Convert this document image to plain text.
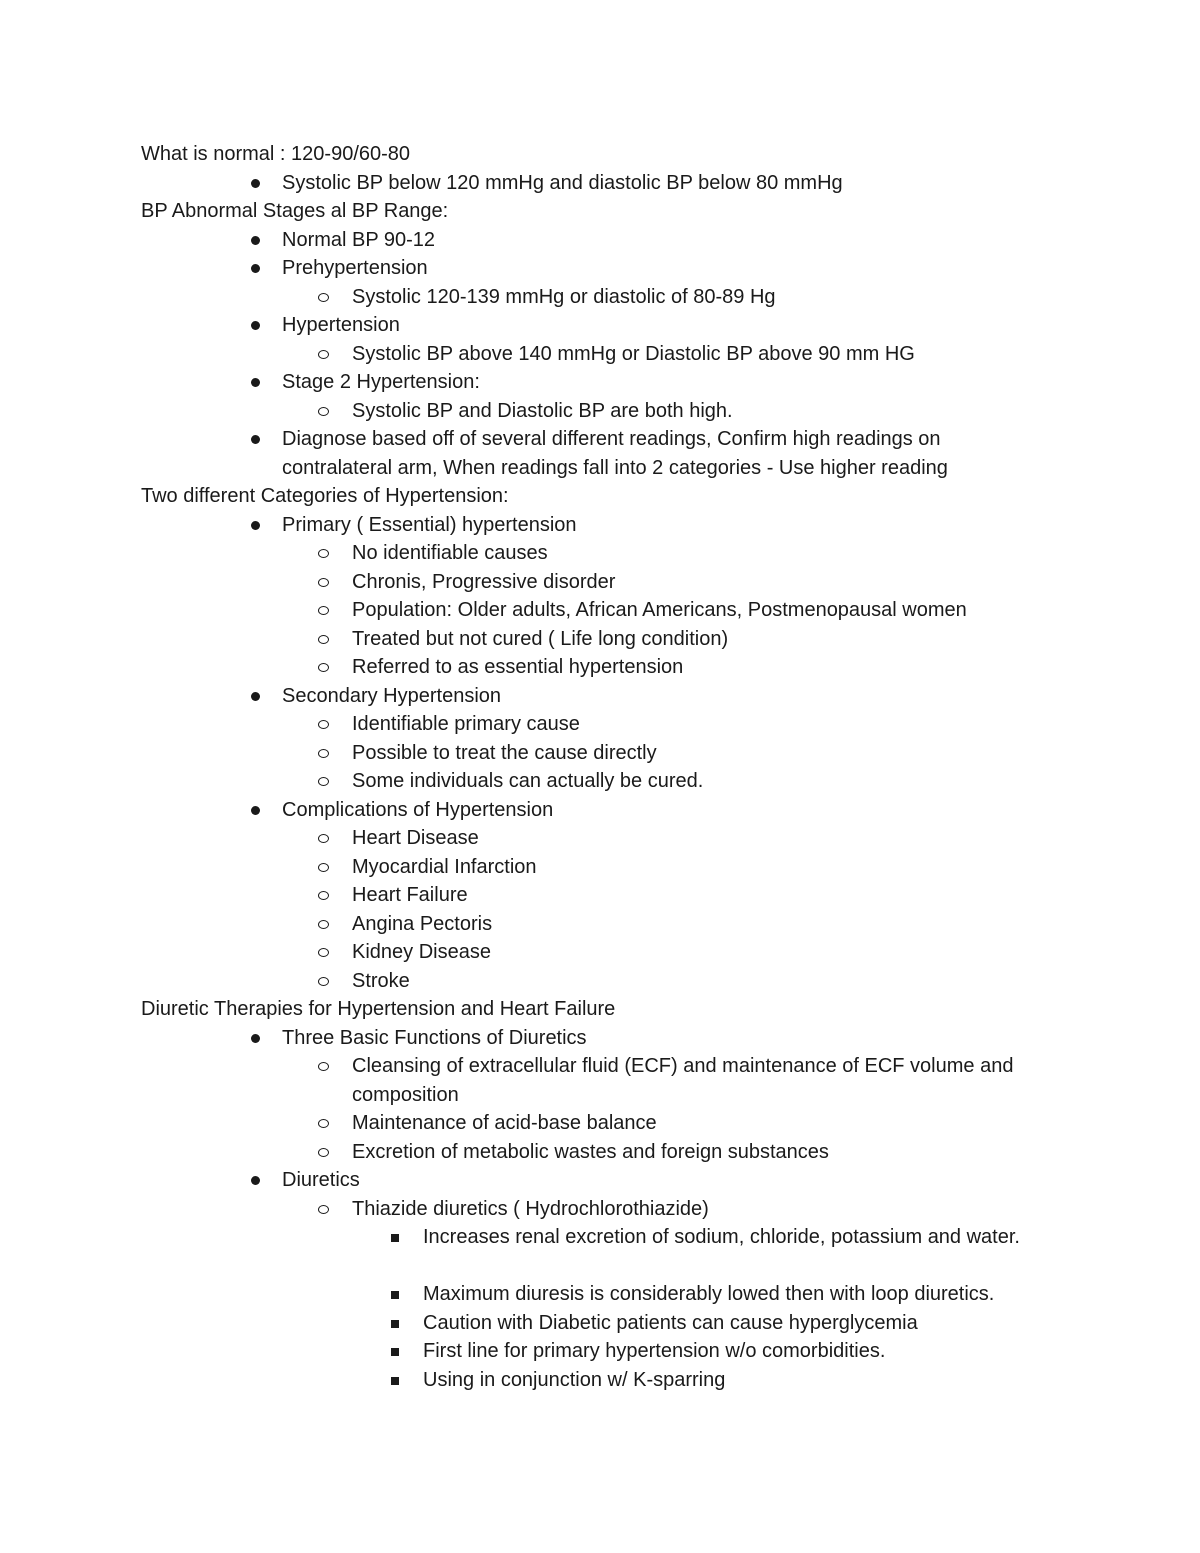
What is normal : 120-90/60-80
Systolic BP below 120 mmHg and diastolic BP below 80 mmHg
BP Abnormal Stages al BP Range:
Normal BP 90-12
Prehypertension
Systolic 120-139 mmHg or diastolic of 80-89 Hg
Hypertension
Systolic BP above 140 mmHg or Diastolic BP above 90 mm HG
Stage 2 Hypertension:
Systolic BP and Diastolic BP are both high.
Diagnose based off of several different readings, Confirm high readings on contralateral arm, When readings fall into 2 categories - Use higher reading
Two different Categories of Hypertension:
Primary ( Essential) hypertension
No identifiable causes
Chronis, Progressive disorder
Population: Older adults, African Americans, Postmenopausal women
Treated but not cured ( Life long condition)
Referred to as essential hypertension
Secondary Hypertension
Identifiable primary cause
Possible to treat the cause directly
Some individuals can actually be cured.
Complications of Hypertension
Heart Disease
Myocardial Infarction
Heart Failure
Angina Pectoris
Kidney Disease
Stroke
Diuretic Therapies for Hypertension and Heart Failure
Three Basic Functions of Diuretics
Cleansing of extracellular fluid (ECF) and maintenance of ECF volume and composition
Maintenance of acid-base balance
Excretion of metabolic wastes and foreign substances
Diuretics
Thiazide diuretics ( Hydrochlorothiazide)
Increases renal excretion of sodium, chloride, potassium and water.
Maximum diuresis is considerably lowed then with loop diuretics.
Caution with Diabetic patients can cause hyperglycemia
First line for primary hypertension w/o comorbidities.
Using in conjunction w/ K-sparring
